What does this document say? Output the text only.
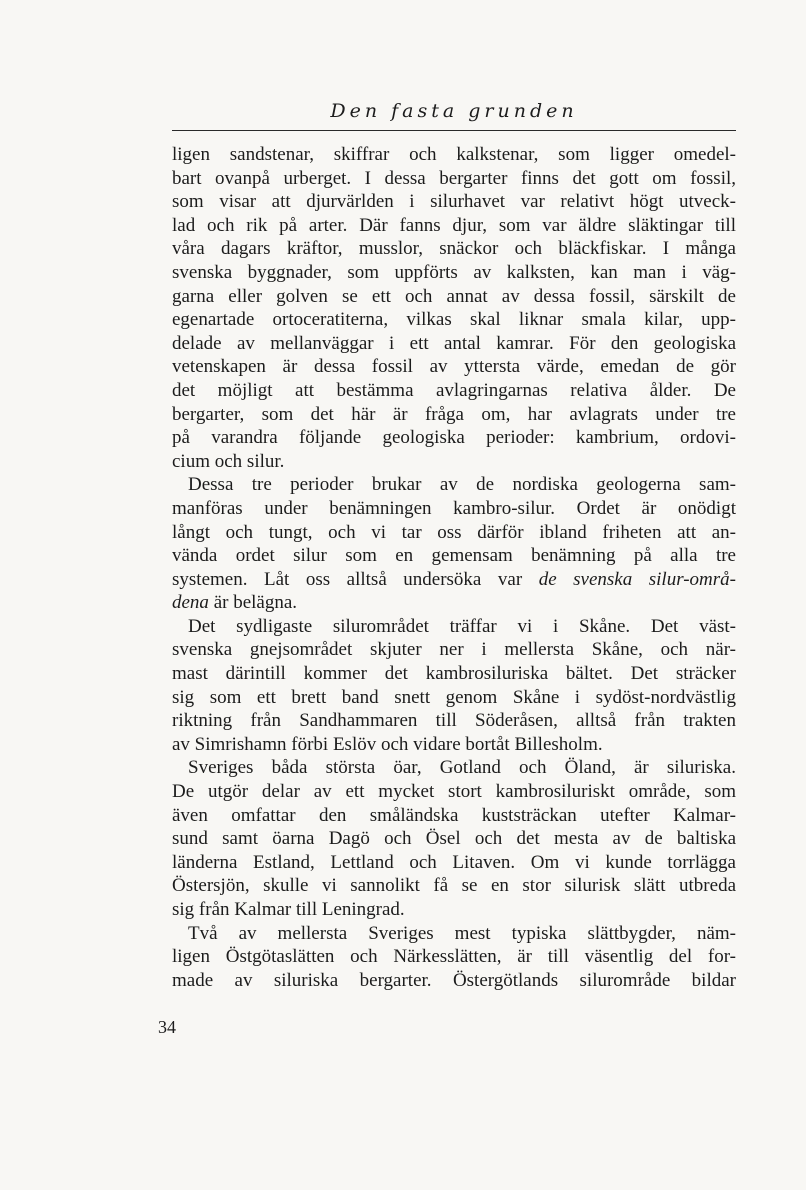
Den fasta grunden
ligen sandstenar, skiffrar och kalkstenar, som ligger omedel-
bart ovanpå urberget. I dessa bergarter finns det gott om fossil,
som visar att djurvärlden i silurhavet var relativt högt utveck-
lad och rik på arter. Där fanns djur, som var äldre släktingar till
våra dagars kräftor, musslor, snäckor och bläckfiskar. I många
svenska byggnader, som uppförts av kalksten, kan man i väg-
garna eller golven se ett och annat av dessa fossil, särskilt de
egenartade ortoceratiterna, vilkas skal liknar smala kilar, upp-
delade av mellanväggar i ett antal kamrar. För den geologiska
vetenskapen är dessa fossil av yttersta värde, emedan de gör
det möjligt att bestämma avlagringarnas relativa ålder. De
bergarter, som det här är fråga om, har avlagrats under tre
på varandra följande geologiska perioder: kambrium, ordovi-
cium och silur.
Dessa tre perioder brukar av de nordiska geologerna sam-
manföras under benämningen kambro-silur. Ordet är onödigt
långt och tungt, och vi tar oss därför ibland friheten att an-
vända ordet silur som en gemensam benämning på alla tre
systemen. Låt oss alltså undersöka var de svenska silur-områ-
dena är belägna.
Det sydligaste silurområdet träffar vi i Skåne. Det väst-
svenska gnejsområdet skjuter ner i mellersta Skåne, och när-
mast därintill kommer det kambrosiluriska bältet. Det sträcker
sig som ett brett band snett genom Skåne i sydöst-nordvästlig
riktning från Sandhammaren till Söderåsen, alltså från trakten
av Simrishamn förbi Eslöv och vidare bortåt Billesholm.
Sveriges båda största öar, Gotland och Öland, är siluriska.
De utgör delar av ett mycket stort kambrosiluriskt område, som
även omfattar den småländska kuststräckan utefter Kalmar-
sund samt öarna Dagö och Ösel och det mesta av de baltiska
länderna Estland, Lettland och Litaven. Om vi kunde torrlägga
Östersjön, skulle vi sannolikt få se en stor silurisk slätt utbreda
sig från Kalmar till Leningrad.
Två av mellersta Sveriges mest typiska slättbygder, näm-
ligen Östgötaslätten och Närkesslätten, är till väsentlig del for-
made av siluriska bergarter. Östergötlands silurområde bildar
34
